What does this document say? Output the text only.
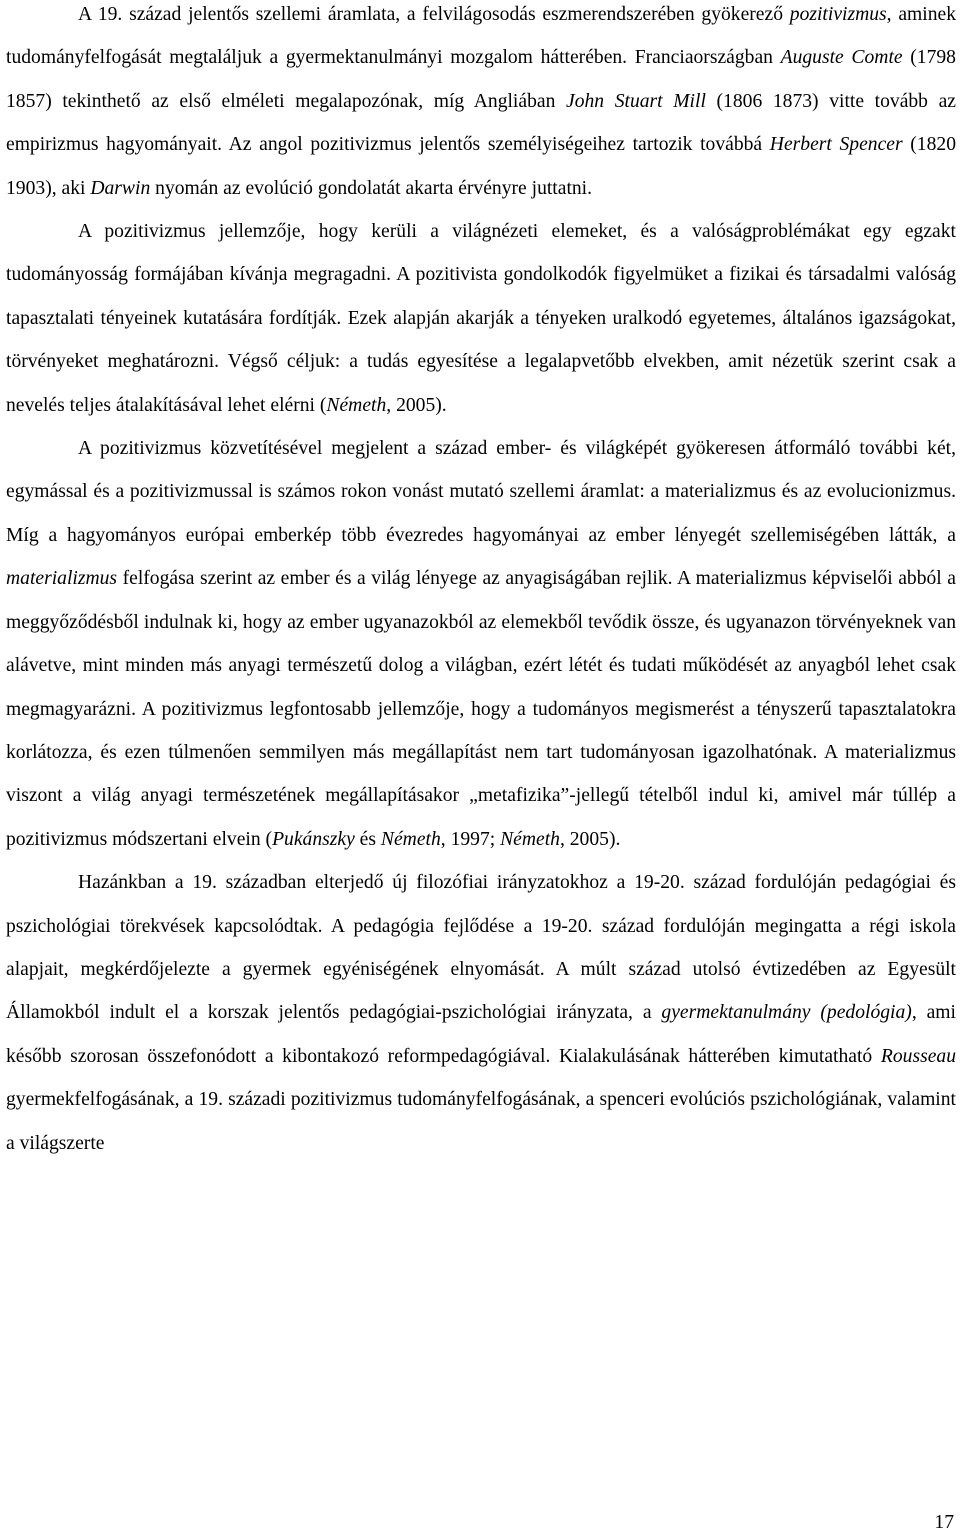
A 19. század jelentős szellemi áramlata, a felvilágosodás eszmerendszerében gyökerező pozitivizmus, aminek tudományfelfogását megtaláljuk a gyermektanulmányi mozgalom hátterében. Franciaországban Auguste Comte (1798 1857) tekinthető az első elméleti megalapozónak, míg Angliában John Stuart Mill (1806 1873) vitte tovább az empirizmus hagyományait. Az angol pozitivizmus jelentős személyiségeihez tartozik továbbá Herbert Spencer (1820 1903), aki Darwin nyomán az evolúció gondolatát akarta érvényre juttatni.

A pozitivizmus jellemzője, hogy kerüli a világnézeti elemeket, és a valóságproblémákat egy egzakt tudományosság formájában kívánja megragadni. A pozitivista gondolkodók figyelmüket a fizikai és társadalmi valóság tapasztalati tényeinek kutatására fordítják. Ezek alapján akarják a tényeken uralkodó egyetemes, általános igazságokat, törvényeket meghatározni. Végső céljuk: a tudás egyesítése a legalapvetőbb elvekben, amit nézetük szerint csak a nevelés teljes átalakításával lehet elérni (Németh, 2005).

A pozitivizmus közvetítésével megjelent a század ember- és világképét gyökeresen átformáló további két, egymással és a pozitivizmussal is számos rokon vonást mutató szellemi áramlat: a materializmus és az evolucionizmus. Míg a hagyományos európai emberkép több évezredes hagyományai az ember lényegét szellemiségében látták, a materializmus felfogása szerint az ember és a világ lényege az anyagiságában rejlik. A materializmus képviselői abból a meggyőződésből indulnak ki, hogy az ember ugyanazokból az elemekből tevődik össze, és ugyanazon törvényeknek van alávetve, mint minden más anyagi természetű dolog a világban, ezért létét és tudati működését az anyagból lehet csak megmagyarázni. A pozitivizmus legfontosabb jellemzője, hogy a tudományos megismerést a tényszerű tapasztalatokra korlátozza, és ezen túlmenően semmilyen más megállapítást nem tart tudományosan igazolhatónak. A materializmus viszont a világ anyagi természetének megállapításakor „metafizika”-jellegű tételből indul ki, amivel már túllép a pozitivizmus módszertani elvein (Pukánszky és Németh, 1997; Németh, 2005).

Hazánkban a 19. században elterjedő új filozófiai irányzatokhoz a 19-20. század fordulóján pedagógiai és pszichológiai törekvések kapcsolódtak. A pedagógia fejlődése a 19-20. század fordulóján megingatta a régi iskola alapjait, megkérdőjelezte a gyermek egyéniségének elnyomását. A múlt század utolsó évtizedében az Egyesült Államokból indult el a korszak jelentős pedagógiai-pszichológiai irányzata, a gyermektanulmány (pedológia), ami később szorosan összefonódott a kibontakozó reformpedagógiával. Kialakulásának hátterében kimutatható Rousseau gyermekfelfogásának, a 19. századi pozitivizmus tudományfelfogásának, a spenceri evolúciós pszichológiának, valamint a világszerte

17
